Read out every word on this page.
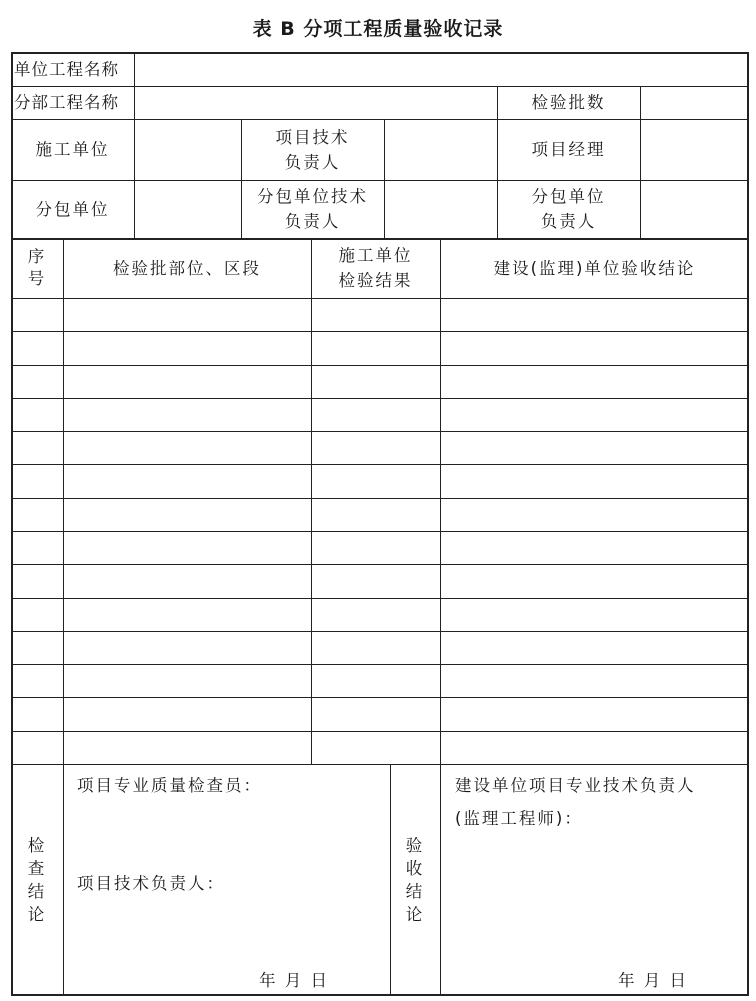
表 B 分项工程质量验收记录
单位工程名称
分部工程名称	检验批数
施工单位
项目技术
负责人
项目经理
分包单位
分包单位技术
负责人
分包单位
负责人
序
号
检验批部位、区段
施工单位
检验结果
建设(监理)单位验收结论
检
查
结
论
项目专业质量检查员：
项目技术负责人：
年 月 日
验
收
结
论
建设单位项目专业技术负责人
(监理工程师)：
年 月 日
